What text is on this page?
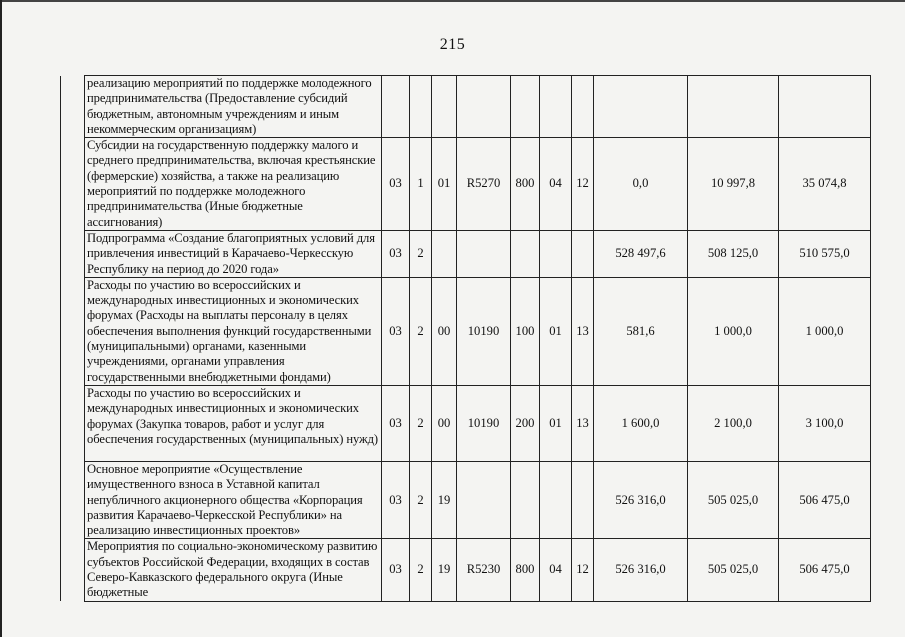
215
	реализацию мероприятий по поддержке молодежного предпринимательства (Предоставление субсидий бюджетным, автономным учреждениям и иным некоммерческим организациям)										
	Субсидии на государственную поддержку малого и среднего предпринимательства, включая крестьянские (фермерские) хозяйства, а также на реализацию мероприятий по поддержке молодежного предпринимательства (Иные бюджетные ассигнования)	03	1	01	R5270	800	04	12	0,0	10 997,8	35 074,8
	Подпрограмма «Создание благоприятных условий для привлечения инвестиций в Карачаево-Черкесскую Республику на период до 2020 года»	03	2						528 497,6	508 125,0	510 575,0
	Расходы по участию во всероссийских и международных инвестиционных и экономических форумах (Расходы на выплаты персоналу в целях обеспечения выполнения функций государственными (муниципальными) органами, казенными учреждениями, органами управления государственными внебюджетными фондами)	03	2	00	10190	100	01	13	581,6	1 000,0	1 000,0
	Расходы по участию во всероссийских и международных инвестиционных и экономических форумах (Закупка товаров, работ и услуг для обеспечения государственных (муниципальных) нужд)	03	2	00	10190	200	01	13	1 600,0	2 100,0	3 100,0
	Основное мероприятие «Осуществление имущественного взноса в Уставной капитал непубличного акционерного общества «Корпорация развития Карачаево-Черкесской Республики» на реализацию инвестиционных проектов»	03	2	19					526 316,0	505 025,0	506 475,0
	Мероприятия по социально-экономическому развитию субъектов Российской Федерации, входящих в состав Северо-Кавказского федерального округа (Иные бюджетные	03	2	19	R5230	800	04	12	526 316,0	505 025,0	506 475,0
